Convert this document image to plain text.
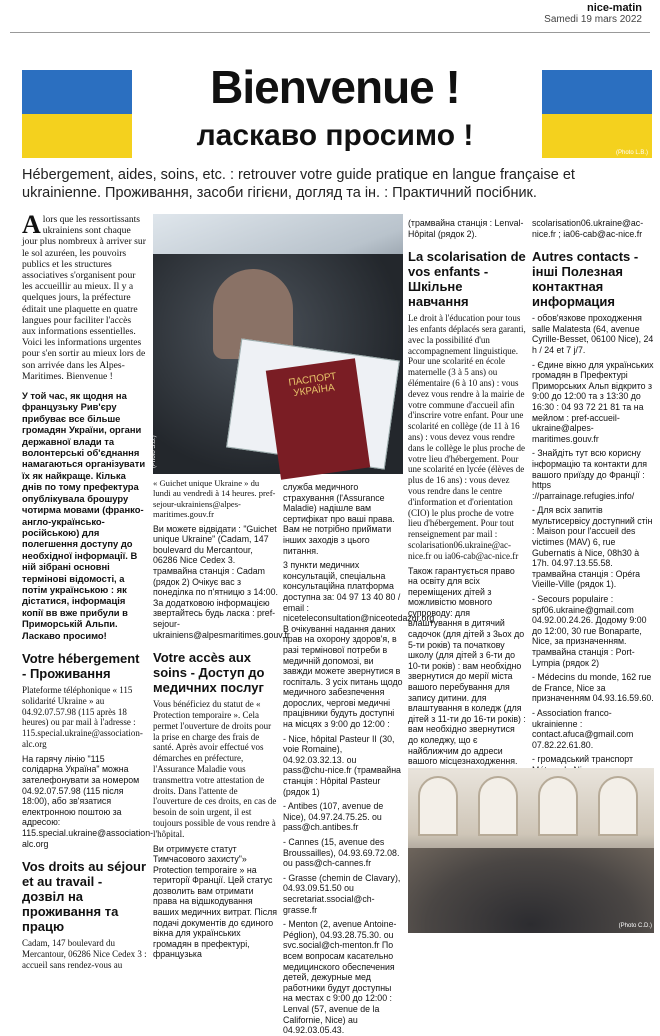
nice-matin
Samedi 19 mars 2022
(Photo L.B.)
Bienvenue !
ласкаво просимо !
Hébergement, aides, soins, etc. : retrouver votre guide pratique en langue française et ukrainienne. Проживання, засоби гігієни, догляд та ін. : Практичний посібник.
Alors que les ressortissants ukrainiens sont chaque jour plus nombreux à arriver sur le sol azuréen, les pouvoirs publics et les structures associatives s'organisent pour les accueillir au mieux. Il y a quelques jours, la préfecture éditait une plaquette en quatre langues pour faciliter l'accès aux informations essentielles. Voici les informations urgentes pour s'en sortir au mieux lors de son arrivée dans les Alpes-Maritimes. Bienvenue !
У той час, як щодня на французьку Рив'єру прибуває все більше громадян України, органи державної влади та волонтерські об'єднання намагаються організувати їх як найкраще. Кілька днів по тому префектура опублікувала брошуру чотирма мовами (франко-англо-українсько-російською) для полегшення доступу до необхідної інформації. В ній зібрані основні термінові відомості, а потім українською : як дістатися, інформація копії вв вже прибули в Приморській Альпи. Ласкаво просимо!
Votre hébergement - Проживання
Plateforme téléphonique « 115 solidarité Ukraine » au 04.92.07.57.98 (115 après 18 heures) ou par mail à l'adresse : 115.special.ukraine@association-alc.org
На гарячу лінію "115 солідарна Україна" можна зателефонувати за номером 04.92.07.57.98 (115 після 18:00), або зв'язатися електронною поштою за адресою: 115.special.ukraine@association-alc.org
Vos droits au séjour et au travail - дозвіл на проживання та працю
Cadam, 147 boulevard du Mercantour, 06286 Nice Cedex 3 : accueil sans rendez-vous au
ПАСПОРТ УКРАЇНА
(Photo S.B.)
« Guichet unique Ukraine » du lundi au vendredi à 14 heures. pref-sejour-ukrainiens@alpes-maritimes.gouv.fr
Ви можете відвідати : "Guichet unique Ukraine" (Cadam, 147 boulevard du Mercantour, 06286 Nice Cedex 3. трамвайна станція : Cadam (рядок 2) Очікує вас з понеділка по п'ятницю з 14:00. За додатковою інформацією звертайтесь будь ласка : pref-sejour-ukrainiens@alpesmaritimes.gouv.fr
Votre accès aux soins - Доступ до медичних послуг
Vous bénéficiez du statut de « Protection temporaire ». Cela permet l'ouverture de droits pour la prise en charge des frais de santé. Après avoir effectué vos démarches en préfecture, l'Assurance Maladie vous transmettra votre attestation de droits. Dans l'attente de l'ouverture de ces droits, en cas de besoin de soin urgent, il est toujours possible de vous rendre à l'hôpital.
Ви отримуєте статут Тимчасового захисту"» Protection temporaire » на території Франції. Цей статус дозволить вам отримати права на відшкодування ваших медичних витрат. Після подачі документів до єдиного вікна для українських громадян в префектурі, французька
служба медичного страхування (l'Assurance Maladie) надішле вам сертифікат про ваші права. Вам не потрібно приймати інших заходів з цього питання.
3 пункти медичних консультацій, спеціальна консультаційна платформа доступна за: 04 97 13 40 80 / email : niceteleconsultation@niceotedazur.org В очікуванні надання даних прав на охорону здоров'я, в разі термінової потреби в медичній допомозі, ви завжди можете звернутися в госпіталь. 3 усіх питань щодо медичного забезпечення дорослих, чергові медичні працівники будуть доступні на місцях з 9:00 до 12:00 :
- Nice, hôpital Pasteur II (30, voie Romaine), 04.92.03.32.13. ou pass@chu-nice.fr (трамвайна станція : Hôpital Pasteur (рядок 1)
- Antibes (107, avenue de Nice), 04.97.24.75.25. ou pass@ch.antibes.fr
- Cannes (15, avenue des Broussailles), 04.93.69.72.08. ou pass@ch-cannes.fr
- Grasse (chemin de Clavary), 04.93.09.51.50 ou secretariat.ssocial@ch-grasse.fr
- Menton (2, avenue Antoine-Péglion), 04.93.28.75.30. ou svc.social@ch-menton.fr По всем вопросам касательно медицинского обеспечения детей, дежурные мед работники будут доступны на местах с 9:00 до 12:00 : Lenval (57, avenue de la Californie, Nice) au 04.92.03.05.43.
(трамвайна станція : Lenval-Hôpital (рядок 2).
La scolarisation de vos enfants - Шкільне навчання
Le droit à l'éducation pour tous les enfants déplacés sera garanti, avec la possibilité d'un accompagnement linguistique. Pour une scolarité en école maternelle (3 à 5 ans) ou élémentaire (6 à 10 ans) : vous devez vous rendre à la mairie de votre commune d'accueil afin d'inscrire votre enfant. Pour une scolarité en collège (de 11 à 16 ans) : vous devez vous rendre dans le collège le plus proche de votre lieu d'hébergement. Pour une scolarité en lycée (élèves de plus de 16 ans) : vous devez vous rendre dans le centre d'information et d'orientation (CIO) le plus proche de votre lieu d'hébergement. Pour tout renseignement par mail : scolarisation06.ukraine@ac-nice.fr ou ia06-cab@ac-nice.fr
Також гарантується право на освіту для всіх переміщених дітей з можливістю мовного супроводу: для влаштування в дитячий садочок (для дітей з 3ьох до 5-ти років) та початкову школу (для дітей з 6-ти до 10-ти років) : вам необхідно звернутися до мерії міста вашого перебування для запису дитини. для влаштування в коледж (для дітей з 11-ти до 16-ти років) : вам необхідно звернутися до коледжу, що є найближчим до адреси вашого місцезнаходження.
scolarisation06.ukraine@ac-nice.fr ; ia06-cab@ac-nice.fr
Autres contacts - інші Полезная контактная информация
- обов'язкове проходження salle Malatesta (64, avenue Cyrille-Besset, 06100 Nice), 24 h / 24 et 7 j/7.
- Єдине вікно для українських громадян в Префектурі Приморських Альп відкрито з 9:00 до 12:00 та з 13:30 до 16:30 : 04 93 72 21 81 та на мейлом : pref-accueil-ukraine@alpes-maritimes.gouv.fr
- Знайдіть тут всю корисну інформацію та контакти для вашого приїзду до Франції : https ://parrainage.refugies.info/
- Для всіх запитів мультисервісу доступний стін : Maison pour l'accueil des victimes (MAV) 6, rue Gubernatis à Nice, 08h30 à 17h. 04.97.13.55.58. трамвайна станція : Opéra Vieille-Ville (рядок 1).
- Secours populaire : spf06.ukraine@gmail.com 04.92.00.24.26. Додому 9:00 до 12:00, 30 rue Bonaparte, Nice, за призначенням. трамвайна станція : Port-Lympia (рядок 2)
- Médecins du monde, 162 rue de France, Nice за призначенням 04.93.16.59.60.
- Association franco-ukrainienne : contact.afuca@gmail.com 07.82.22.61.80.
- громадський транспорт
(Photo C.D.)
